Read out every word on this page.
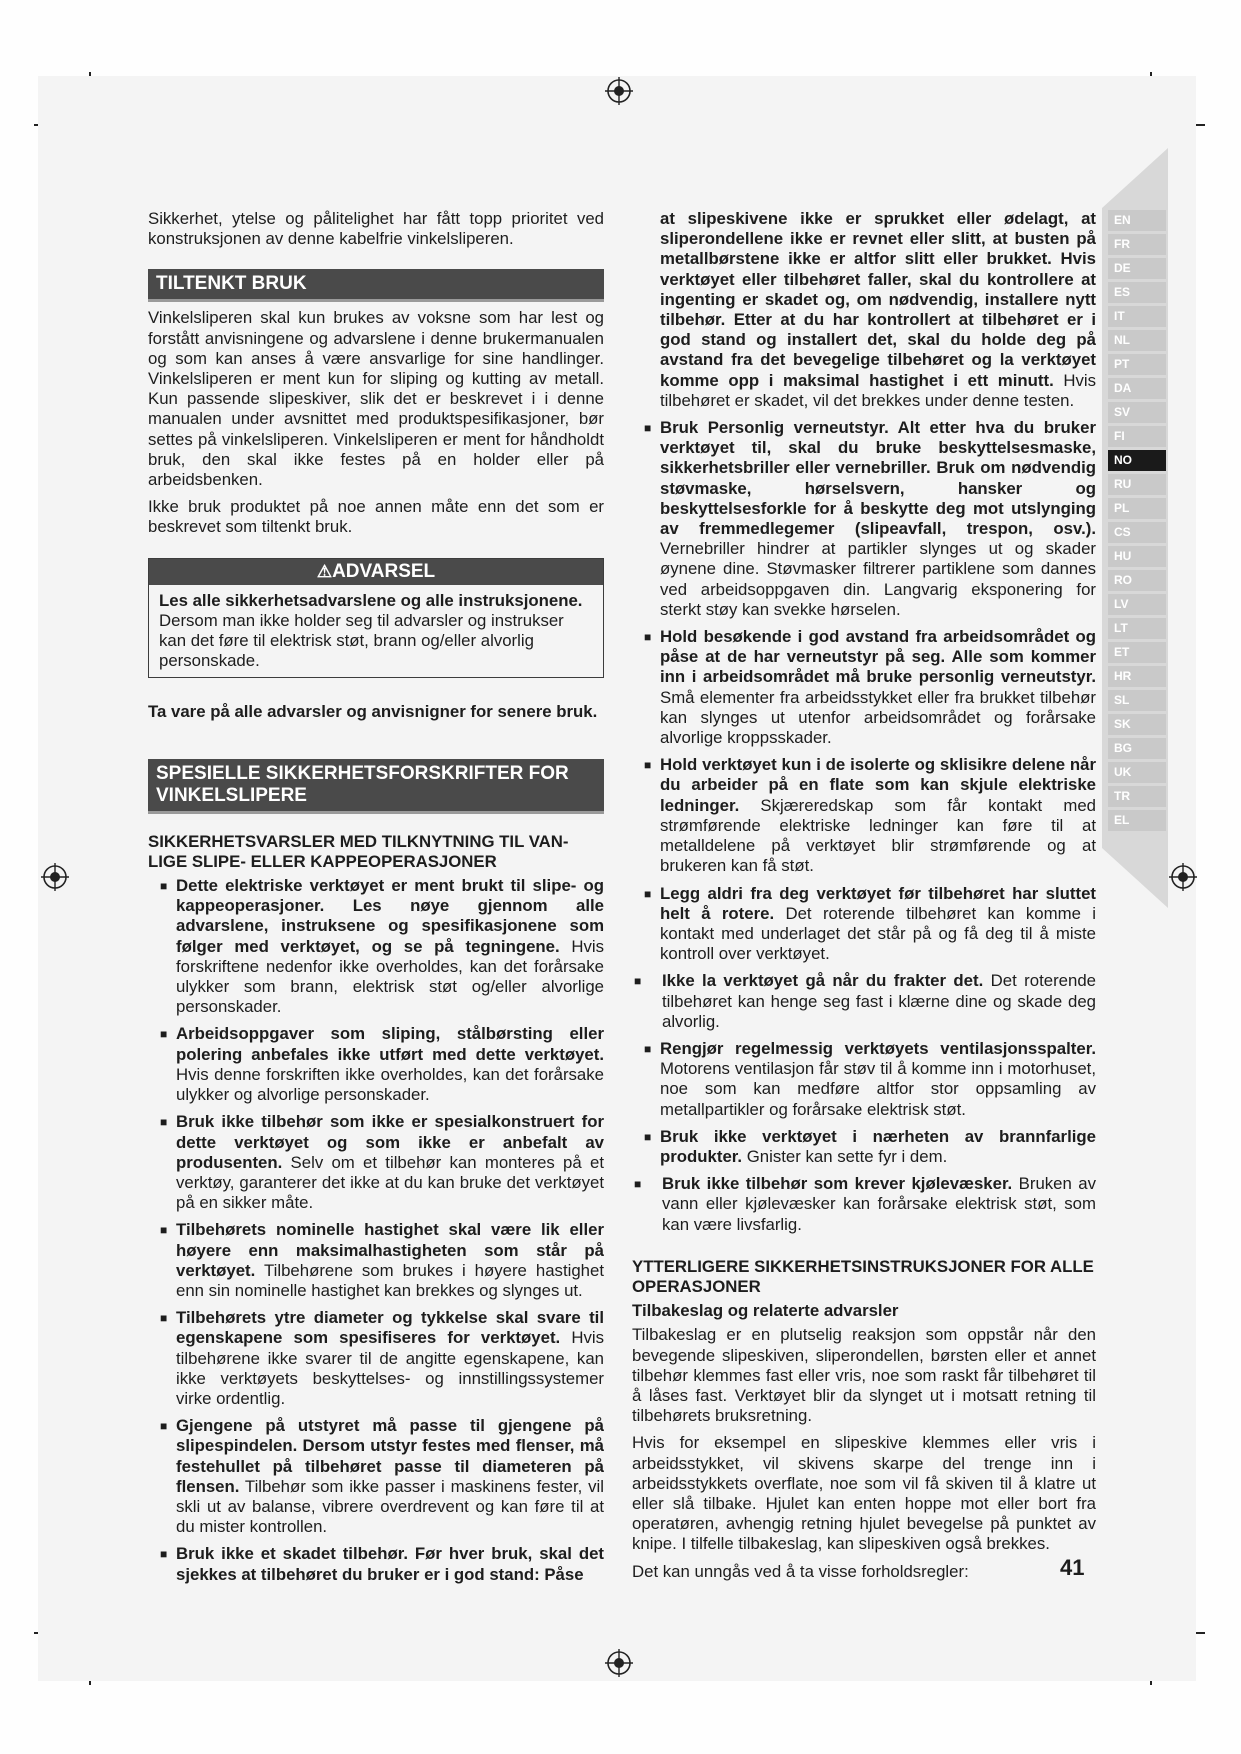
Sikkerhet, ytelse og pålitelighet har fått topp prioritet ved konstruksjonen av denne kabelfrie vinkelsliperen.

TILTENKT BRUK

Vinkelsliperen skal kun brukes av voksne som har lest og forstått anvisningene og advarslene i denne brukermanualen og som kan anses å være ansvarlige for sine handlinger. Vinkelsliperen er ment kun for sliping og kutting av metall. Kun passende slipeskiver, slik det er beskrevet i i denne manualen under avsnittet med produktspesifikasjoner, bør settes på vinkelsliperen. Vinkelsliperen er ment for håndholdt bruk, den skal ikke festes på en holder eller på arbeidsbenken.

Ikke bruk produktet på noe annen måte enn det som er beskrevet som tiltenkt bruk.

⚠ADVARSEL
Les alle sikkerhetsadvarslene og alle instruksjonene. Dersom man ikke holder seg til advarsler og instrukser kan det føre til elektrisk støt, brann og/eller alvorlig personskade.

Ta vare på alle advarsler og anvisnigner for senere bruk.

SPESIELLE SIKKERHETSFORSKRIFTER FOR VINKELSLIPERE
SIKKERHETSVARSLER MED TILKNYTNING TIL VAN-LIGE SLIPE- ELLER KAPPEOPERASJONER
■ Dette elektriske verktøyet er ment brukt til slipe- og kappeoperasjoner. Les nøye gjennom alle advarslene, instruksene og spesifikasjonene som følger med verktøyet, og se på tegningene. Hvis forskriftene nedenfor ikke overholdes, kan det forårsake ulykker som brann, elektrisk støt og/eller alvorlige personskader.
■ Arbeidsoppgaver som sliping, stålbørsting eller polering anbefales ikke utført med dette verktøyet. Hvis denne forskriften ikke overholdes, kan det forårsake ulykker og alvorlige personskader.
■ Bruk ikke tilbehør som ikke er spesialkonstruert for dette verktøyet og som ikke er anbefalt av produsenten. Selv om et tilbehør kan monteres på et verktøy, garanterer det ikke at du kan bruke det verktøyet på en sikker måte.
■ Tilbehørets nominelle hastighet skal være lik eller høyere enn maksimalhastigheten som står på verktøyet. Tilbehørene som brukes i høyere hastighet enn sin nominelle hastighet kan brekkes og slynges ut.
■ Tilbehørets ytre diameter og tykkelse skal svare til egenskapene som spesifiseres for verktøyet. Hvis tilbehørene ikke svarer til de angitte egenskapene, kan ikke verktøyets beskyttelses- og innstillingssystemer virke ordentlig.
■ Gjengene på utstyret må passe til gjengene på slipespindelen. Dersom utstyr festes med flenser, må festehullet på tilbehøret passe til diameteren på flensen. Tilbehør som ikke passer i maskinens fester, vil skli ut av balanse, vibrere overdrevent og kan føre til at du mister kontrollen.
■ Bruk ikke et skadet tilbehør. Før hver bruk, skal det sjekkes at tilbehøret du bruker er i god stand: Påse

at slipeskivene ikke er sprukket eller ødelagt, at sliperondellene ikke er revnet eller slitt, at busten på metallbørstene ikke er altfor slitt eller brukket. Hvis verktøyet eller tilbehøret faller, skal du kontrollere at ingenting er skadet og, om nødvendig, installere nytt tilbehør. Etter at du har kontrollert at tilbehøret er i god stand og installert det, skal du holde deg på avstand fra det bevegelige tilbehøret og la verktøyet komme opp i maksimal hastighet i ett minutt. Hvis tilbehøret er skadet, vil det brekkes under denne testen.

■ Bruk Personlig verneutstyr. Alt etter hva du bruker verktøyet til, skal du bruke beskyttelsesmaske, sikkerhetsbriller eller vernebriller. Bruk om nødvendig støvmaske, hørselsvern, hansker og beskyttelsesforkle for å beskytte deg mot utslynging av fremmedlegemer (slipeavfall, trespon, osv.). Vernebriller hindrer at partikler slynges ut og skader øynene dine. Støvmasker filtrerer partiklene som dannes ved arbeidsoppgaven din. Langvarig eksponering for sterkt støy kan svekke hørselen.
■ Hold besøkende i god avstand fra arbeidsområdet og påse at de har verneutstyr på seg. Alle som kommer inn i arbeidsområdet må bruke personlig verneutstyr. Små elementer fra arbeidsstykket eller fra brukket tilbehør kan slynges ut utenfor arbeidsområdet og forårsake alvorlige kroppsskader.
■ Hold verktøyet kun i de isolerte og sklisikre delene når du arbeider på en flate som kan skjule elektriske ledninger. Skjæreredskap som får kontakt med strømførende elektriske ledninger kan føre til at metalldelene på verktøyet blir strømførende og at brukeren kan få støt.
■ Legg aldri fra deg verktøyet før tilbehøret har sluttet helt å rotere. Det roterende tilbehøret kan komme i kontakt med underlaget det står på og få deg til å miste kontroll over verktøyet.
■ Ikke la verktøyet gå når du frakter det. Det roterende tilbehøret kan henge seg fast i klærne dine og skade deg alvorlig.
■ Rengjør regelmessig verktøyets ventilasjonsspalter. Motorens ventilasjon får støv til å komme inn i motorhuset, noe som kan medføre altfor stor oppsamling av metallpartikler og forårsake elektrisk støt.
■ Bruk ikke verktøyet i nærheten av brannfarlige produkter. Gnister kan sette fyr i dem.
■ Bruk ikke tilbehør som krever kjølevæsker. Bruken av vann eller kjølevæsker kan forårsake elektrisk støt, som kan være livsfarlig.
YTTERLIGERE SIKKERHETSINSTRUKSJONER FOR ALLE OPERASJONER
Tilbakeslag og relaterte advarsler

Tilbakeslag er en plutselig reaksjon som oppstår når den bevegende slipeskiven, sliperondellen, børsten eller et annet tilbehør klemmes fast eller vris, noe som raskt får tilbehøret til å låses fast. Verktøyet blir da slynget ut i motsatt retning til tilbehørets bruksretning.

Hvis for eksempel en slipeskive klemmes eller vris i arbeidsstykket, vil skivens skarpe del trenge inn i arbeidsstykkets overflate, noe som vil få skiven til å klatre ut eller slå tilbake. Hjulet kan enten hoppe mot eller bort fra operatøren, avhengig retning hjulet bevegelse på punktet av knipe. I tilfelle tilbakeslag, kan slipeskiven også brekkes.

Det kan unngås ved å ta visse forholdsregler:

EN
FR
DE
ES
IT
NL
PT
DA
SV
FI
NO
RU
PL
CS
HU
RO
LV
LT
ET
HR
SL
SK
BG
UK
TR
EL
41
